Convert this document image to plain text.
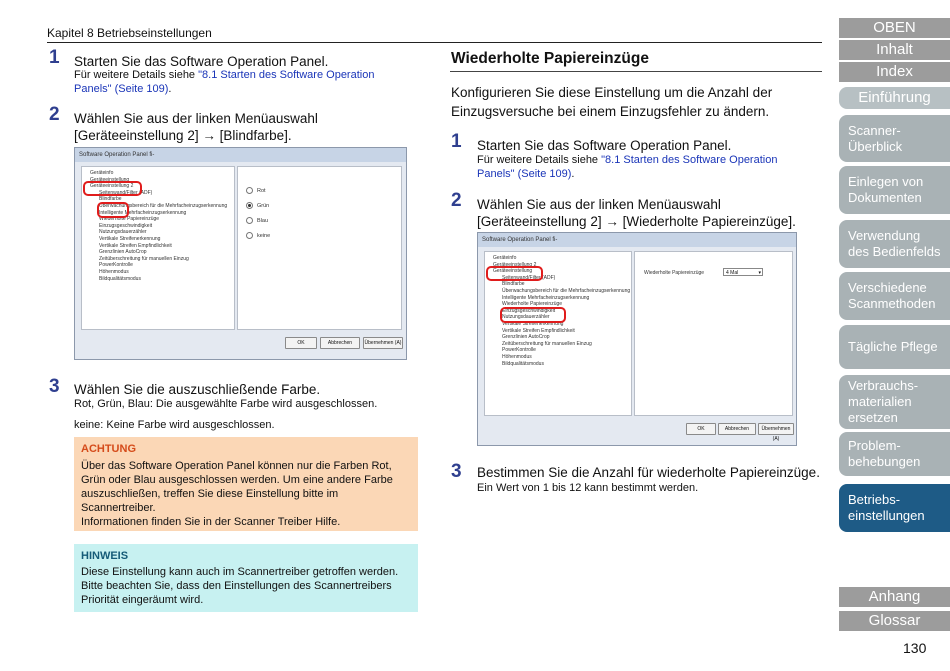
Kapitel 8 Betriebseinstellungen
1 Starten Sie das Software Operation Panel.
Für weitere Details siehe "8.1 Starten des Software Operation
Panels" (Seite 109).
2 Wählen Sie aus der linken Menüauswahl
[Geräteeinstellung 2] → [Blindfarbe].
Software Operation Panel fi-
Geräteinfo
Geräteeinstellung
Geräteeinstellung 2
Seitenwand/Filter (ADF)
Blindfarbe
Überwachungsbereich für die Mehrfacheinzugserkennung
Intelligente Mehrfacheinzugserkennung
Wiederholte Papiereinzüge
Einzugsgeschwindigkeit
Nutzungsdauerzähler
Vertikale Streifenerkennung
Vertikale Streifen Empfindlichkeit
Grenzlinien AutoCrop
Zeitüberschreitung für manuellen Einzug
PowerKontrolle
Höhenmodus
Bildqualitätsmodus
Rot
Grün
Blau
keine
OK	Abbrechen	Übernehmen (A)
3 Wählen Sie die auszuschließende Farbe.
Rot, Grün, Blau: Die ausgewählte Farbe wird ausgeschlossen.
keine: Keine Farbe wird ausgeschlossen.
ACHTUNG
Über das Software Operation Panel können nur die Farben Rot,
Grün oder Blau ausgeschlossen werden. Um eine andere Farbe
auszuschließen, treffen Sie diese Einstellung bitte im
Scannertreiber.
Informationen finden Sie in der Scanner Treiber Hilfe.
HINWEIS
Diese Einstellung kann auch im Scannertreiber getroffen werden.
Bitte beachten Sie, dass den Einstellungen des Scannertreibers
Priorität eingeräumt wird.
Wiederholte Papiereinzüge
Konfigurieren Sie diese Einstellung um die Anzahl der
Einzugsversuche bei einem Einzugsfehler zu ändern.
1 Starten Sie das Software Operation Panel.
Für weitere Details siehe "8.1 Starten des Software Operation
Panels" (Seite 109).
2 Wählen Sie aus der linken Menüauswahl
[Geräteeinstellung 2] → [Wiederholte Papiereinzüge].
Software Operation Panel fi-
Geräteinfo
Geräteeinstellung 2
Geräteeinstellung
Seitenwand/Filter (ADF)
Blindfarbe
Überwachungsbereich für die Mehrfacheinzugserkennung
Intelligente Mehrfacheinzugserkennung
Wiederholte Papiereinzüge
Einzugsgeschwindigkeit
Nutzungsdauerzähler
Vertikale Streifenerkennung
Vertikale Streifen Empfindlichkeit
Grenzlinien AutoCrop
Zeitüberschreitung für manuellen Einzug
PowerKontrolle
Höhenmodus
Bildqualitätsmodus
Wiederholte Papiereinzüge	4 Mal	▾
OK	Abbrechen	Übernehmen (A)
3 Bestimmen Sie die Anzahl für wiederholte Papiereinzüge.
Ein Wert von 1 bis 12 kann bestimmt werden.
OBEN
Inhalt
Index
Einführung
Scanner-
Überblick
Einlegen von
Dokumenten
Verwendung
des Bedienfelds
Verschiedene
Scanmethoden
Tägliche Pflege
Verbrauchs-
materialien
ersetzen
Problem-
behebungen
Betriebs-
einstellungen
Anhang
Glossar
130
